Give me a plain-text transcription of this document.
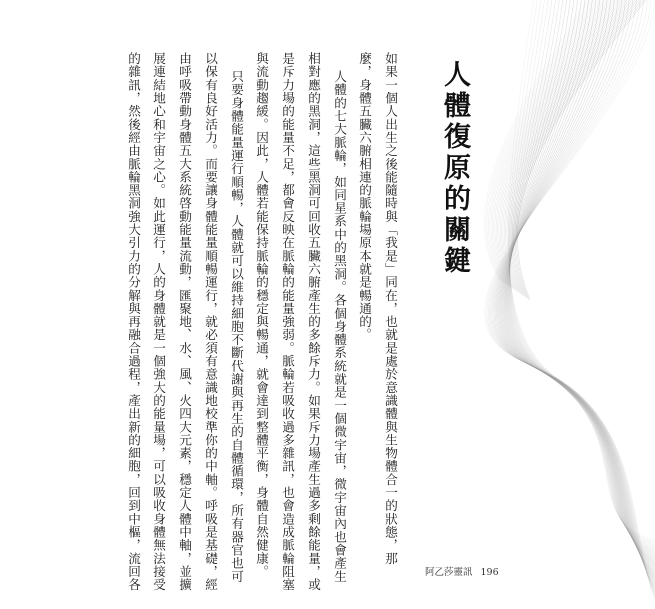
人體復原的關鍵
如果一個人出生之後能隨時與「我是」同在，也就是處於意識體與生物體合一的狀態，那
麼，身體五臟六腑相連的脈輪場原本就是暢通的。
人體的七大脈輪，如同星系中的黑洞。各個身體系統就是一個微宇宙，微宇宙內也會產生
相對應的黑洞，這些黑洞可回收五臟六腑產生的多餘斥力。如果斥力場產生過多剩餘能量，或
是斥力場的能量不足，都會反映在脈輪的能量強弱。脈輪若吸收過多雜訊，也會造成脈輪阻塞
與流動趨緩。因此，人體若能保持脈輪的穩定與暢通，就會達到整體平衡，身體自然健康。
只要身體能量運行順暢，人體就可以維持細胞不斷代謝與再生的自體循環，所有器官也可
以保有良好活力。而要讓身體能量順暢運行，就必須有意識地校準你的中軸。呼吸是基礎，經
由呼吸帶動身體五大系統啓動能量流動，匯聚地、水、風、火四大元素，穩定人體中軸，並擴
展連結地心和宇宙之心。如此運行，人的身體就是一個強大的能量場，可以吸收身體無法接受
的雜訊，然後經由脈輪黑洞強大引力的分解與再融合過程，產出新的細胞，回到中樞，流回各	阿乙莎靈訊 196
